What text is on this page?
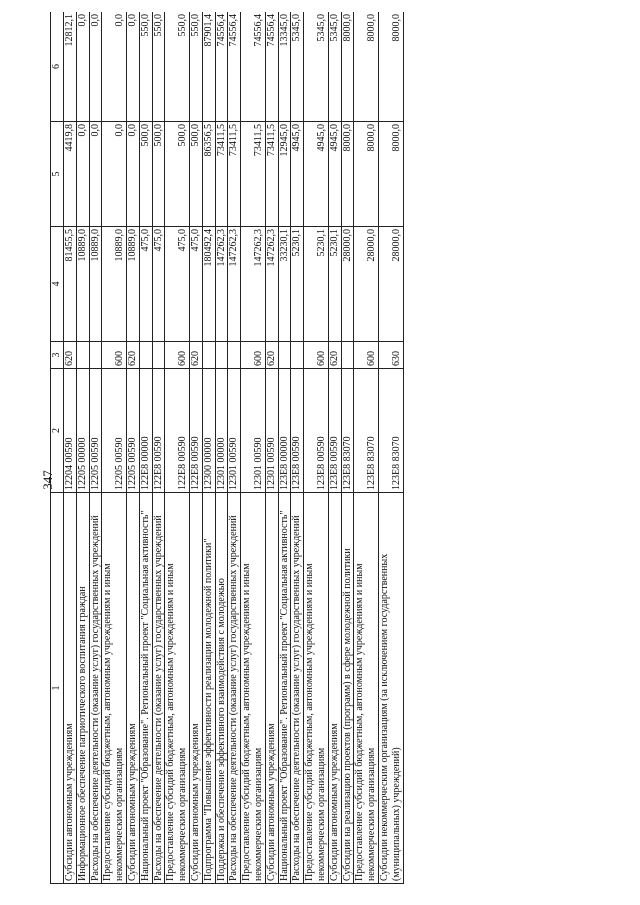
347
1	2	3	4	5	6
Субсидии автономным учреждениям	12204 00590	620	81455,5	4419,8	12812,1
Информационное обеспечение патриотического воспитания граждан	12205 00000		10889,0	0,0	0,0
Расходы на обеспечение деятельности (оказание услуг) государственных учреждений	12205 00590		10889,0	0,0	0,0
Предоставление субсидий бюджетным, автономным учреждениям и иным некоммерческим организациям	12205 00590	600	10889,0	0,0	0,0
Субсидии автономным учреждениям	12205 00590	620	10889,0	0,0	0,0
Национальный проект "Образование". Региональный проект "Социальная активность"	122E8 00000		475,0	500,0	550,0
Расходы на обеспечение деятельности (оказание услуг) государственных учреждений	122E8 00590		475,0	500,0	550,0
Предоставление субсидий бюджетным, автономным учреждениям и иным некоммерческим организациям	122E8 00590	600	475,0	500,0	550,0
Субсидии автономным учреждениям	122E8 00590	620	475,0	500,0	550,0
Подпрограмма "Повышение эффективности реализации молодежной политики"	12300 00000		180492,4	86356,5	87901,4
Поддержка и обеспечение эффективного взаимодействия с молодежью	12301 00000		147262,3	73411,5	74556,4
Расходы на обеспечение деятельности (оказание услуг) государственных учреждений	12301 00590		147262,3	73411,5	74556,4
Предоставление субсидий бюджетным, автономным учреждениям и иным некоммерческим организациям	12301 00590	600	147262,3	73411,5	74556,4
Субсидии автономным учреждениям	12301 00590	620	147262,3	73411,5	74556,4
Национальный проект "Образование". Региональный проект "Социальная активность"	123E8 00000		33230,1	12945,0	13345,0
Расходы на обеспечение деятельности (оказание услуг) государственных учреждений	123E8 00590		5230,1	4945,0	5345,0
Предоставление субсидий бюджетным, автономным учреждениям и иным некоммерческим организациям	123E8 00590	600	5230,1	4945,0	5345,0
Субсидии автономным учреждениям	123E8 00590	620	5230,1	4945,0	5345,0
Субсидии на реализацию проектов (программ) в сфере молодежной политики	123E8 83070		28000,0	8000,0	8000,0
Предоставление субсидий бюджетным, автономным учреждениям и иным некоммерческим организациям	123E8 83070	600	28000,0	8000,0	8000,0
Субсидии некоммерческим организациям (за исключением государственных (муниципальных) учреждений)	123E8 83070	630	28000,0	8000,0	8000,0
